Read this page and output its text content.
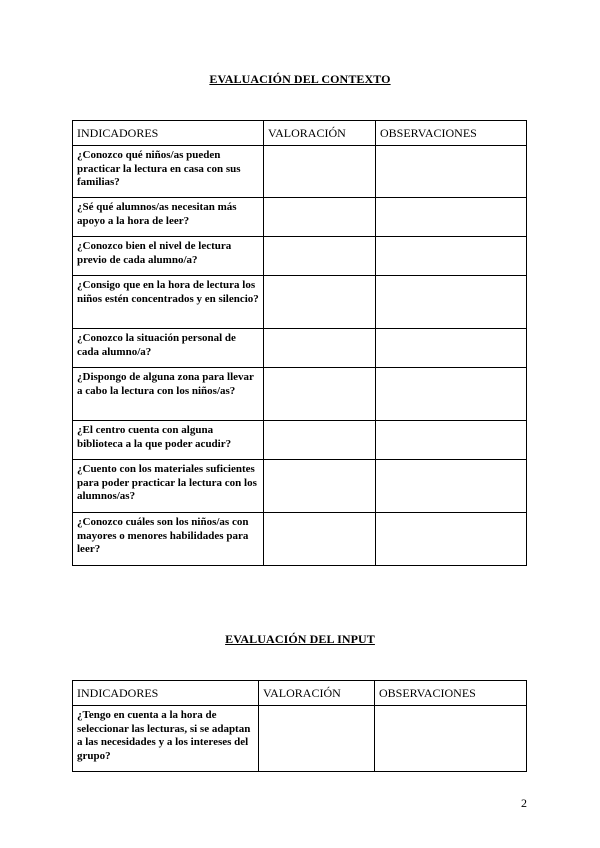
EVALUACIÓN DEL CONTEXTO
INDICADORES	VALORACIÓN	OBSERVACIONES
¿Conozco qué niños/as pueden practicar la lectura en casa con sus familias?		
¿Sé qué alumnos/as necesitan más apoyo a la hora de leer?		
¿Conozco bien el nivel de lectura previo de cada alumno/a?		
¿Consigo que en la hora de lectura los niños estén concentrados y en silencio?		
¿Conozco la situación personal de cada alumno/a?		
¿Dispongo de alguna zona para llevar a cabo la lectura con los niños/as?		
¿El centro cuenta con alguna biblioteca a la que poder acudir?		
¿Cuento con los materiales suficientes para poder practicar la lectura con los alumnos/as?		
¿Conozco cuáles son los niños/as con mayores o menores habilidades para leer?		
EVALUACIÓN DEL INPUT
INDICADORES	VALORACIÓN	OBSERVACIONES
¿Tengo en cuenta a la hora de seleccionar las lecturas, si se adaptan a las necesidades y a los intereses del grupo?		
2
